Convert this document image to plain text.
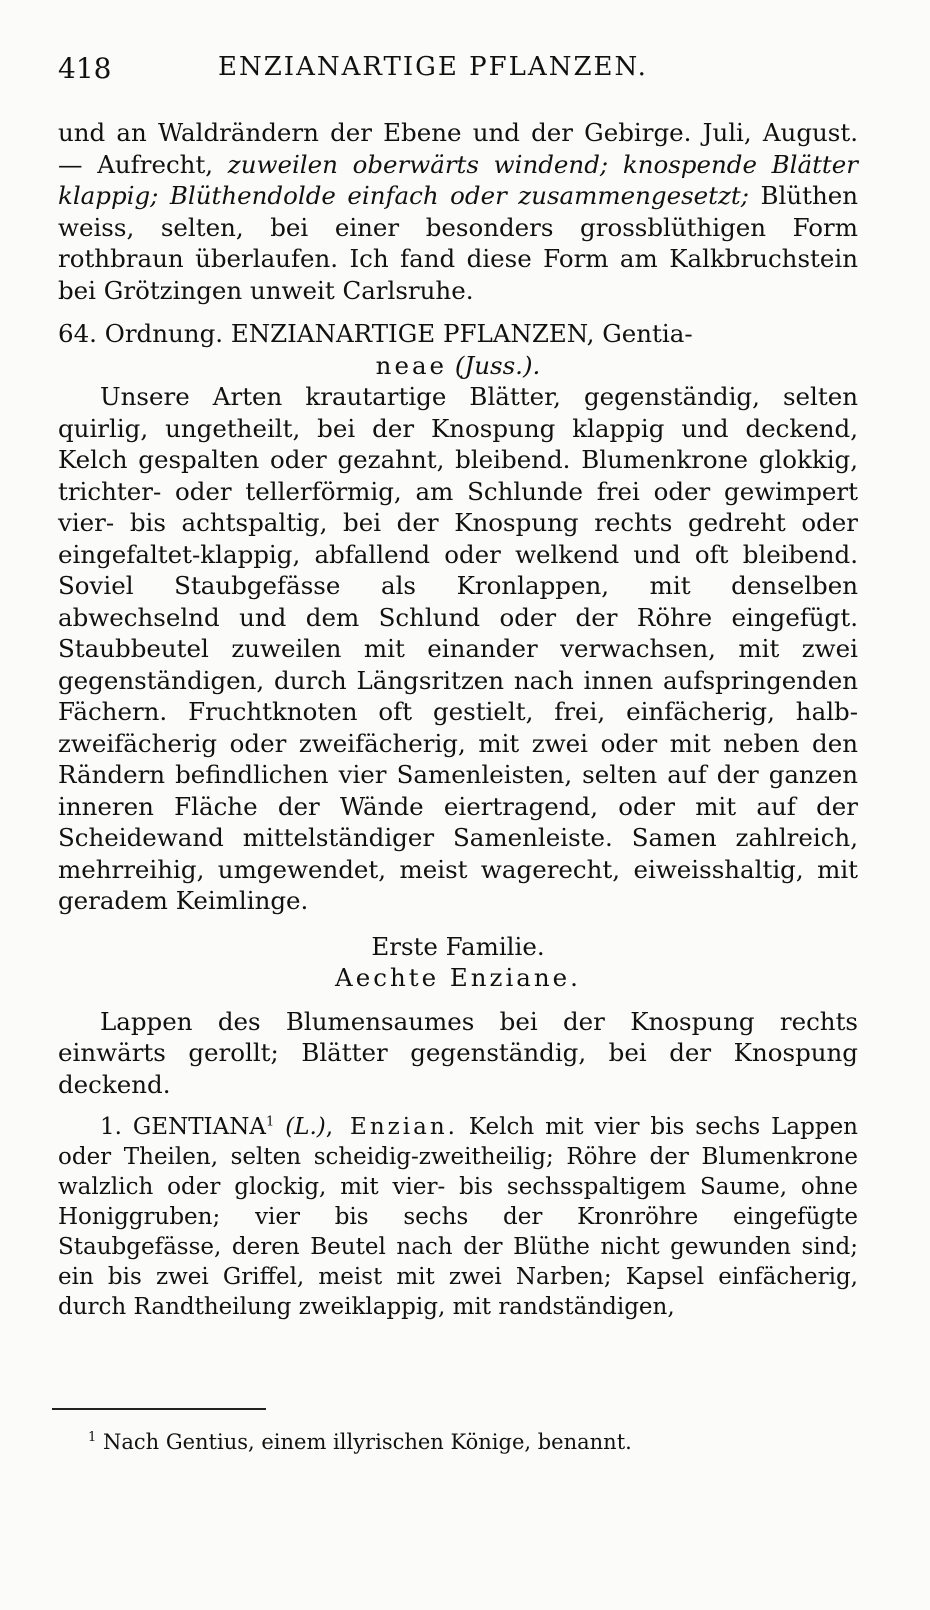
418	ENZIANARTIGE PFLANZEN.

und an Waldrändern der Ebene und der Gebirge. Juli, August. — Aufrecht, zuweilen oberwärts windend; knospende Blätter klappig; Blüthendolde einfach oder zusammengesetzt; Blüthen weiss, selten, bei einer besonders grossblüthigen Form rothbraun überlaufen. Ich fand diese Form am Kalkbruchstein bei Grötzingen unweit Carlsruhe.

64. Ordnung. ENZIANARTIGE PFLANZEN, Gentia-

neae (Juss.).

Unsere Arten krautartige Blätter, gegenständig, selten quirlig, ungetheilt, bei der Knospung klappig und deckend, Kelch gespalten oder gezahnt, bleibend. Blumenkrone glokkig, trichter- oder tellerförmig, am Schlunde frei oder gewimpert vier- bis achtspaltig, bei der Knospung rechts gedreht oder eingefaltet-klappig, abfallend oder welkend und oft bleibend. Soviel Staubgefässe als Kronlappen, mit denselben abwechselnd und dem Schlund oder der Röhre eingefügt. Staubbeutel zuweilen mit einander verwachsen, mit zwei gegenständigen, durch Längsritzen nach innen aufspringenden Fächern. Fruchtknoten oft gestielt, frei, einfächerig, halb-zweifächerig oder zweifächerig, mit zwei oder mit neben den Rändern befindlichen vier Samenleisten, selten auf der ganzen inneren Fläche der Wände eiertragend, oder mit auf der Scheidewand mittelständiger Samenleiste. Samen zahlreich, mehrreihig, umgewendet, meist wagerecht, eiweisshaltig, mit geradem Keimlinge.

Erste Familie.

Aechte Enziane.

Lappen des Blumensaumes bei der Knospung rechts einwärts gerollt; Blätter gegenständig, bei der Knospung deckend.

1. GENTIANA$^1$ (L.), Enzian. Kelch mit vier bis sechs Lappen oder Theilen, selten scheidig-zweitheilig; Röhre der Blumenkrone walzlich oder glockig, mit vier- bis sechsspaltigem Saume, ohne Honiggruben; vier bis sechs der Kronröhre eingefügte Staubgefässe, deren Beutel nach der Blüthe nicht gewunden sind; ein bis zwei Griffel, meist mit zwei Narben; Kapsel einfächerig, durch Randtheilung zweiklappig, mit randständigen,

$^1$ Nach Gentius, einem illyrischen Könige, benannt.
